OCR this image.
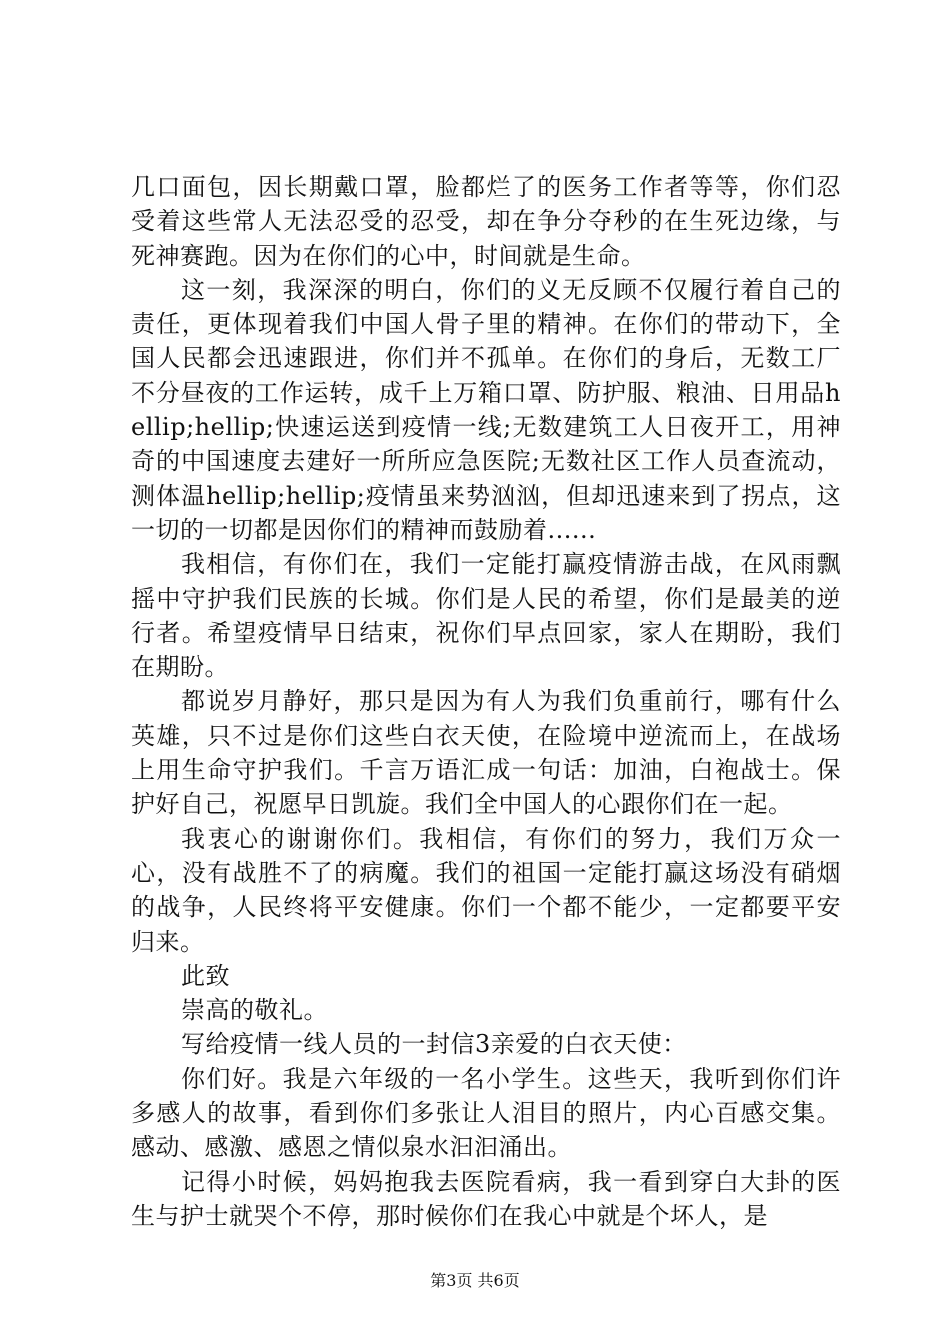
几口面包，因长期戴口罩，脸都烂了的医务工作者等等，你们忍受着这些常人无法忍受的忍受，却在争分夺秒的在生死边缘，与死神赛跑。因为在你们的心中，时间就是生命。

这一刻，我深深的明白，你们的义无反顾不仅履行着自己的责任，更体现着我们中国人骨子里的精神。在你们的带动下，全国人民都会迅速跟进，你们并不孤单。在你们的身后，无数工厂不分昼夜的工作运转，成千上万箱口罩、防护服、粮油、日用品hellip;hellip;快速运送到疫情一线;无数建筑工人日夜开工，用神奇的中国速度去建好一所所应急医院;无数社区工作人员查流动，测体温hellip;hellip;疫情虽来势汹汹，但却迅速来到了拐点，这一切的一切都是因你们的精神而鼓励着......

我相信，有你们在，我们一定能打赢疫情游击战，在风雨飘摇中守护我们民族的长城。你们是人民的希望，你们是最美的逆行者。希望疫情早日结束，祝你们早点回家，家人在期盼，我们在期盼。

都说岁月静好，那只是因为有人为我们负重前行，哪有什么英雄，只不过是你们这些白衣天使，在险境中逆流而上，在战场上用生命守护我们。千言万语汇成一句话：加油，白袍战士。保护好自己，祝愿早日凯旋。我们全中国人的心跟你们在一起。

我衷心的谢谢你们。我相信，有你们的努力，我们万众一心，没有战胜不了的病魔。我们的祖国一定能打赢这场没有硝烟的战争，人民终将平安健康。你们一个都不能少，一定都要平安归来。

此致

崇高的敬礼。

写给疫情一线人员的一封信3亲爱的白衣天使：

你们好。我是六年级的一名小学生。这些天，我听到你们许多感人的故事，看到你们多张让人泪目的照片，内心百感交集。感动、感激、感恩之情似泉水汩汩涌出。

记得小时候，妈妈抱我去医院看病，我一看到穿白大卦的医生与护士就哭个不停，那时候你们在我心中就是个坏人，是

第3页 共6页
